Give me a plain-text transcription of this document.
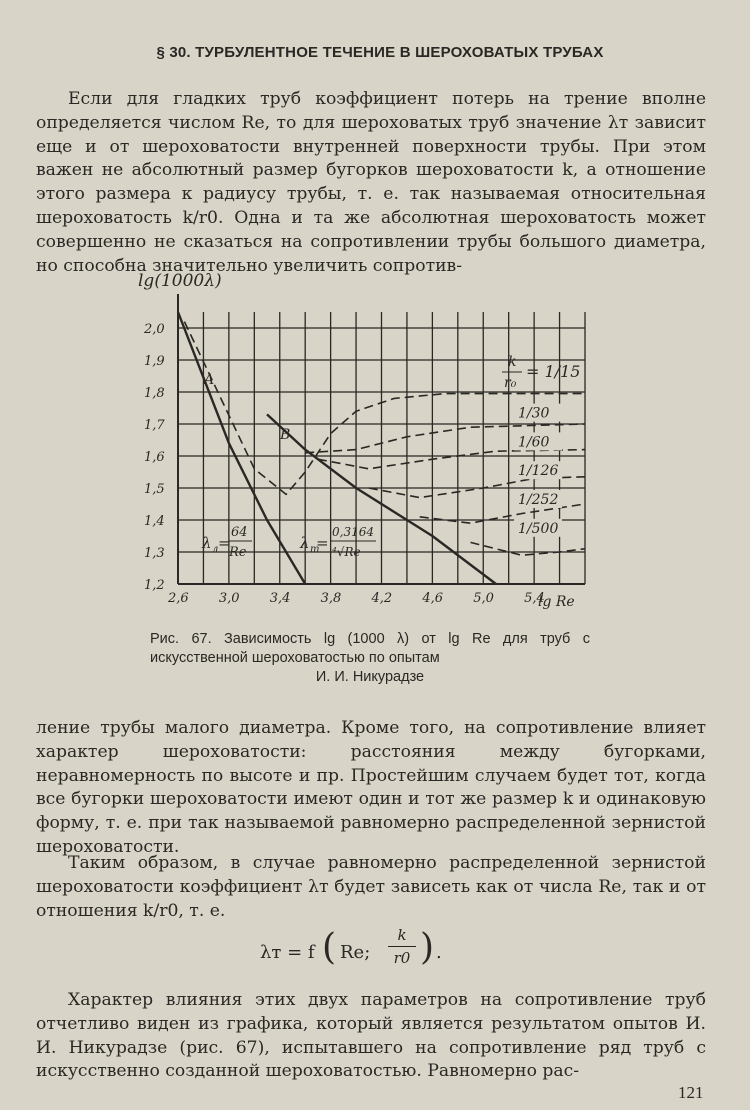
§ 30. ТУРБУЛЕНТНОЕ ТЕЧЕНИЕ В ШЕРОХОВАТЫХ ТРУБАХ

Если для гладких труб коэффициент потерь на трение вполне определяется числом Re, то для шероховатых труб значение λт зависит еще и от шероховатости внутренней поверхности трубы. При этом важен не абсолютный размер бугорков шероховатости k, а отношение этого размера к радиусу трубы, т. е. так называемая относительная шероховатость k/r0. Одна и та же абсолютная шероховатость может совершенно не сказаться на сопротивлении трубы большого диаметра, но способна значительно увеличить сопротив-

2,6 3,0 3,4 3,8 4,2 4,6 5,0 5,4
2,0
1,9
1,8
1,7
1,6
1,5
1,4
1,3
1,2
lg(1000λ)
lg Re
A
B
k
r₀
= 1/15
λ л =
64
Re
λ т
=
0,3164
⁴√Re
1/30
1/60
1/126
1/252
1/500
Рис. 67. Зависимость lg (1000 λ) от lg Re для труб с искусственной шероховатостью по опытам
И. И. Никурадзе

ление трубы малого диаметра. Кроме того, на сопротивление влияет характер шероховатости: расстояния между бугорками, неравномерность по высоте и пр. Простейшим случаем будет тот, когда все бугорки шероховатости имеют один и тот же размер k и одинаковую форму, т. е. при так называемой равномерно распределенной зернистой шероховатости.

Таким образом, в случае равномерно распределенной зернистой шероховатости коэффициент λт будет зависеть как от числа Re, так и от отношения k/r0, т. е.

λт = f ( Re;
k
r0 ) .

Характер влияния этих двух параметров на сопротивление труб отчетливо виден из графика, который является результатом опытов И. И. Никурадзе (рис. 67), испытавшего на сопротивление ряд труб с искусственно созданной шероховатостью. Равномерно рас-

121
